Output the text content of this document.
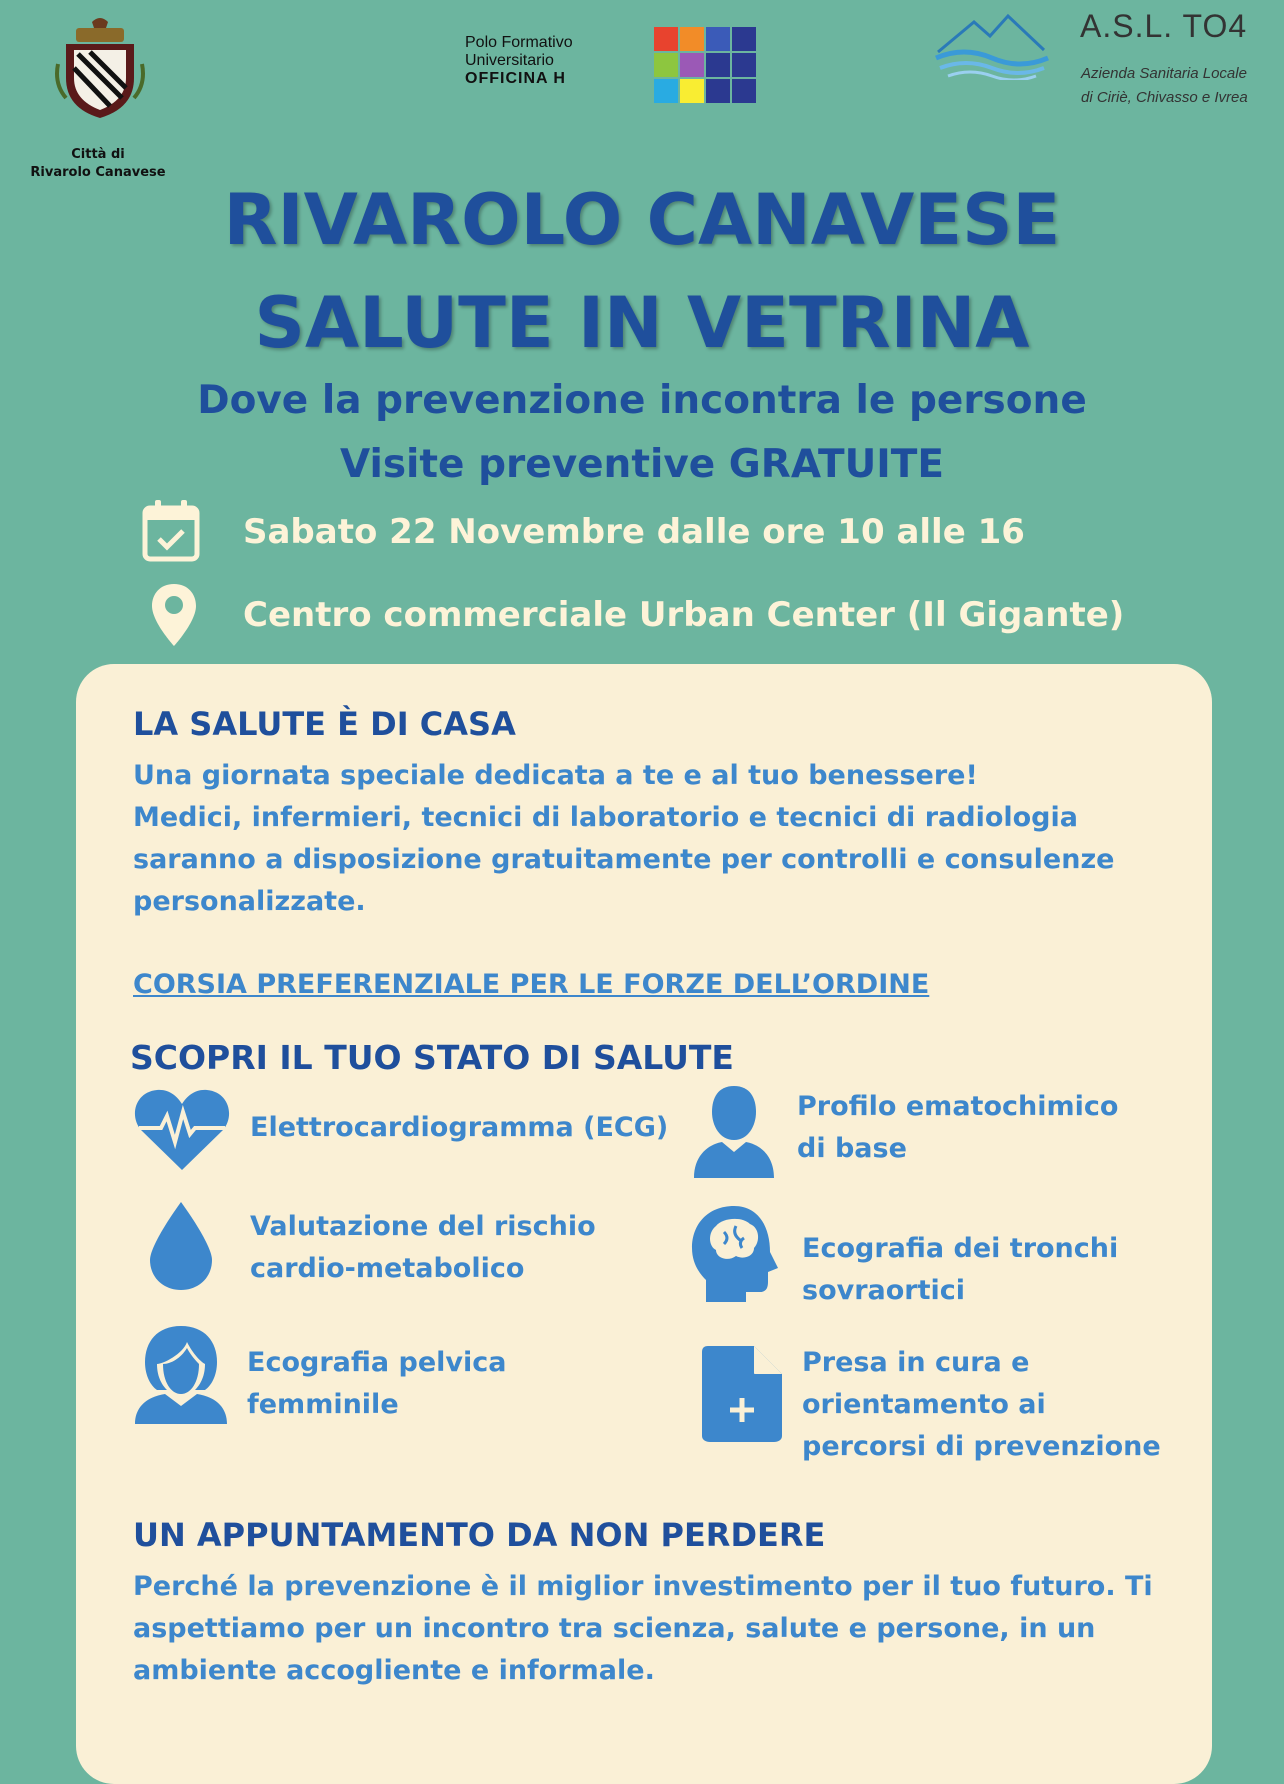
Città di
Rivarolo Canavese
Polo Formativo
Universitario
OFFICINA H
A.S.L. TO4
Azienda Sanitaria Locale
di Ciriè, Chivasso e Ivrea
RIVAROLO CANAVESE
SALUTE IN VETRINA
Dove la prevenzione incontra le persone
Visite preventive GRATUITE
Sabato 22 Novembre dalle ore 10 alle 16
Centro commerciale Urban Center (Il Gigante)
LA SALUTE È DI CASA
Una giornata speciale dedicata a te e al tuo benessere!
Medici, infermieri, tecnici di laboratorio e tecnici di radiologia
saranno a disposizione gratuitamente per controlli e consulenze
personalizzate.
CORSIA PREFERENZIALE PER LE FORZE DELL’ORDINE
SCOPRI IL TUO STATO DI SALUTE
Elettrocardiogramma (ECG)
Profilo ematochimico
di base
Valutazione del rischio
cardio-metabolico
Ecografia dei tronchi
sovraortici
Ecografia pelvica
femminile
Presa in cura e
orientamento ai
percorsi di prevenzione
UN APPUNTAMENTO DA NON PERDERE
Perché la prevenzione è il miglior investimento per il tuo futuro. Ti
aspettiamo per un incontro tra scienza, salute e persone, in un
ambiente accogliente e informale.
